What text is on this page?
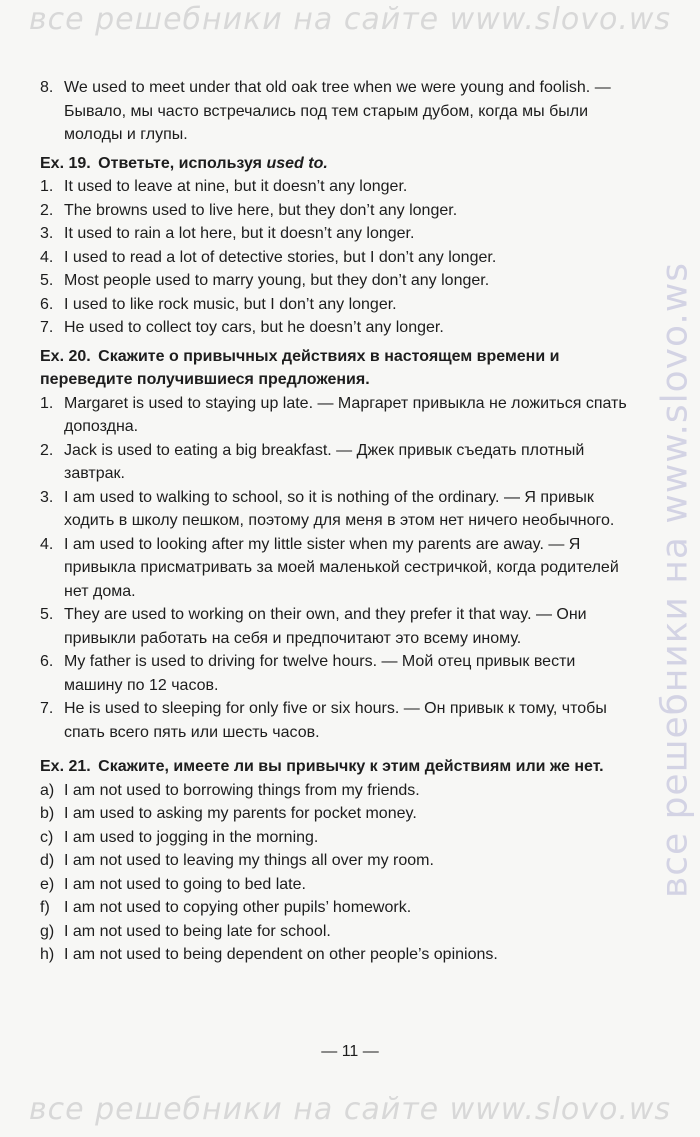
все решебники на сайте www.slovo.ws
все решебники на www.slovo.ws
8. We used to meet under that old oak tree when we were young and foolish. — Бывало, мы часто встречались под тем старым дубом, когда мы были молоды и глупы.
Ex. 19. Ответьте, используя used to.
1. It used to leave at nine, but it doesn’t any longer.
2. The browns used to live here, but they don’t any longer.
3. It used to rain a lot here, but it doesn’t any longer.
4. I used to read a lot of detective stories, but I don’t any longer.
5. Most people used to marry young, but they don’t any longer.
6. I used to like rock music, but I don’t any longer.
7. He used to collect toy cars, but he doesn’t any longer.
Ex. 20. Скажите о привычных действиях в настоящем времени и переведите получившиеся предложения.
1. Margaret is used to staying up late. — Маргарет привыкла не ложиться спать допоздна.
2. Jack is used to eating a big breakfast. — Джек привык съедать плотный завтрак.
3. I am used to walking to school, so it is nothing of the ordinary. — Я привык ходить в школу пешком, поэтому для меня в этом нет ничего необычного.
4. I am used to looking after my little sister when my parents are away. — Я привыкла присматривать за моей маленькой сестричкой, когда родителей нет дома.
5. They are used to working on their own, and they prefer it that way. — Они привыкли работать на себя и предпочитают это всему иному.
6. My father is used to driving for twelve hours. — Мой отец привык вести машину по 12 часов.
7. He is used to sleeping for only five or six hours. — Он привык к тому, чтобы спать всего пять или шесть часов.
Ex. 21. Скажите, имеете ли вы привычку к этим действиям или же нет.
a) I am not used to borrowing things from my friends.
b) I am used to asking my parents for pocket money.
c) I am used to jogging in the morning.
d) I am not used to leaving my things all over my room.
e) I am not used to going to bed late.
f) I am not used to copying other pupils’ homework.
g) I am not used to being late for school.
h) I am not used to being dependent on other people’s opinions.
— 11 —
все решебники на сайте www.slovo.ws
